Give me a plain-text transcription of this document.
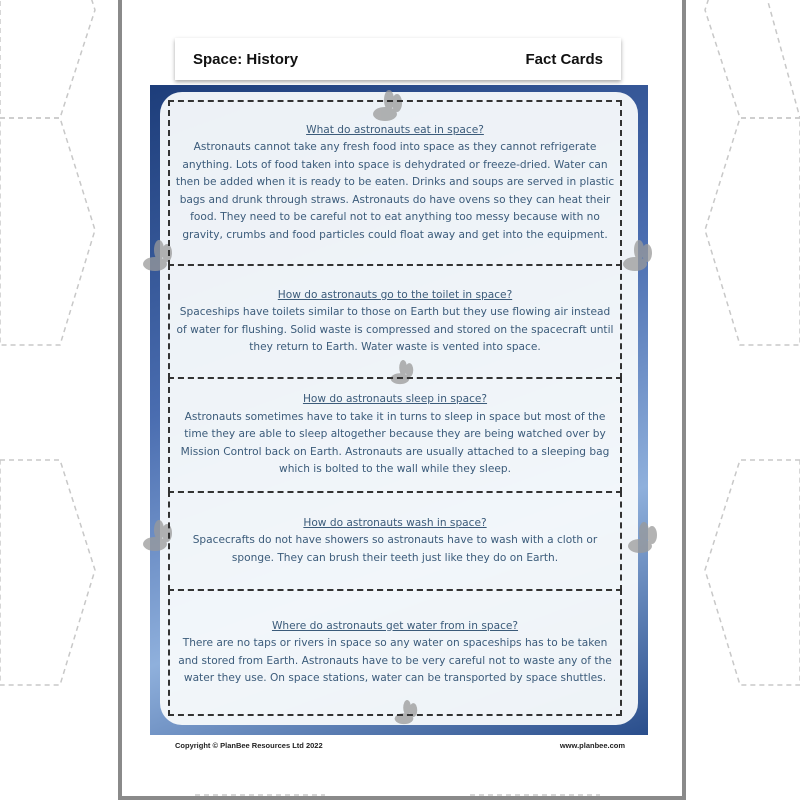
Space: History	Fact Cards
What do astronauts eat in space?
Astronauts cannot take any fresh food into space as they cannot refrigerate anything. Lots of food taken into space is dehydrated or freeze-dried. Water can then be added when it is ready to be eaten. Drinks and soups are served in plastic bags and drunk through straws. Astronauts do have ovens so they can heat their food. They need to be careful not to eat anything too messy because with no gravity, crumbs and food particles could float away and get into the equipment.
How do astronauts go to the toilet in space?
Spaceships have toilets similar to those on Earth but they use flowing air instead of water for flushing. Solid waste is compressed and stored on the spacecraft until they return to Earth. Water waste is vented into space.
How do astronauts sleep in space?
Astronauts sometimes have to take it in turns to sleep in space but most of the time they are able to sleep altogether because they are being watched over by Mission Control back on Earth. Astronauts are usually attached to a sleeping bag which is bolted to the wall while they sleep.
How do astronauts wash in space?
Spacecrafts do not have showers so astronauts have to wash with a cloth or sponge. They can brush their teeth just like they do on Earth.
Where do astronauts get water from in space?
There are no taps or rivers in space so any water on spaceships has to be taken and stored from Earth. Astronauts have to be very careful not to waste any of the water they use. On space stations, water can be transported by space shuttles.
Copyright © PlanBee Resources Ltd 2022	www.planbee.com
